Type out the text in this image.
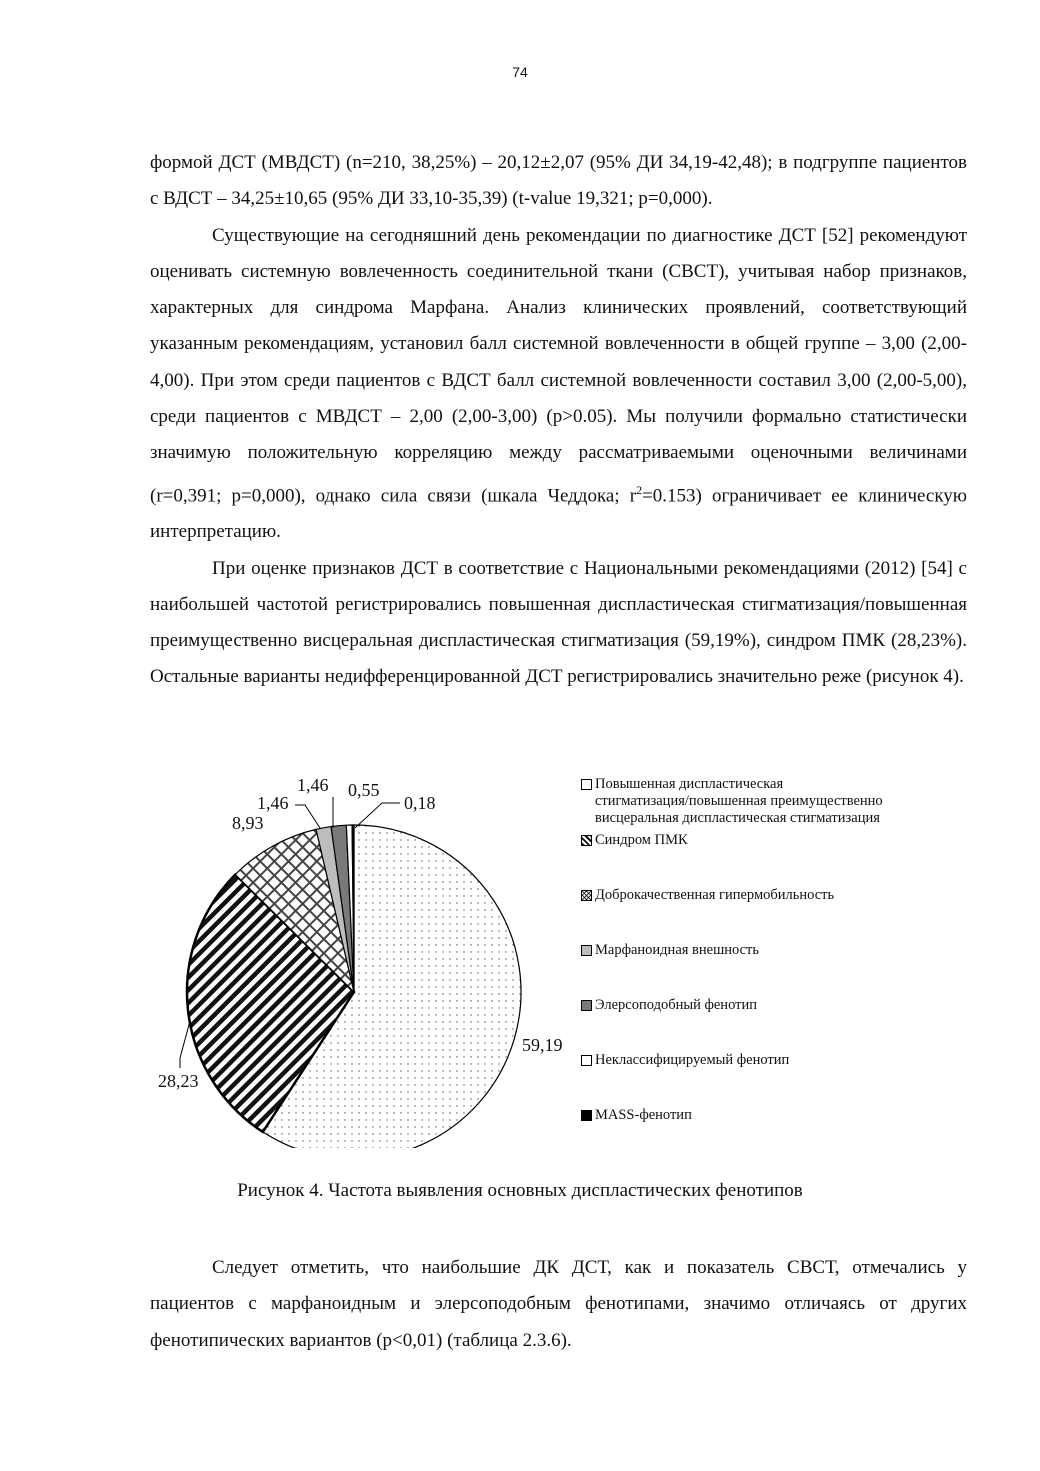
74

формой ДСТ (МВДСТ) (n=210, 38,25%) – 20,12±2,07 (95% ДИ 34,19-42,48); в подгруппе пациентов с ВДСТ – 34,25±10,65 (95% ДИ 33,10-35,39) (t-value 19,321; p=0,000).

Существующие на сегодняшний день рекомендации по диагностике ДСТ [52] рекомендуют оценивать системную вовлеченность соединительной ткани (СВСТ), учитывая набор признаков, характерных для синдрома Марфана. Анализ клинических проявлений, соответствующий указанным рекомендациям, установил балл системной вовлеченности в общей группе – 3,00 (2,00-4,00). При этом среди пациентов с ВДСТ балл системной вовлеченности составил 3,00 (2,00-5,00), среди пациентов с МВДСТ – 2,00 (2,00-3,00) (p>0.05). Мы получили формально статистически значимую положительную корреляцию между рассматриваемыми оценочными величинами (r=0,391; p=0,000), однако сила связи (шкала Чеддока; $r^2=0.153$) ограничивает ее клиническую интерпретацию.

При оценке признаков ДСТ в соответствие с Национальными рекомендациями (2012) [54] с наибольшей частотой регистрировались повышенная диспластическая стигматизация/повышенная преимущественно висцеральная диспластическая стигматизация (59,19%), синдром ПМК (28,23%). Остальные варианты недифференцированной ДСТ регистрировались значительно реже (рисунок 4).

59,19
28,23
8,93
1,46
1,46 0,55
0,18
Повышенная диспластическая
стигматизация/повышенная преимущественно
висцеральная диспластическая стигматизация
Синдром ПМК
Доброкачественная гипермобильность
Марфаноидная внешность
Элерсоподобный фенотип
Неклассифицируемый фенотип
MASS-фенотип
Рисунок 4. Частота выявления основных диспластических фенотипов

Следует отметить, что наибольшие ДК ДСТ, как и показатель СВСТ, отмечались у пациентов с марфаноидным и элерсоподобным фенотипами, значимо отличаясь от других фенотипических вариантов (p<0,01) (таблица 2.3.6).
